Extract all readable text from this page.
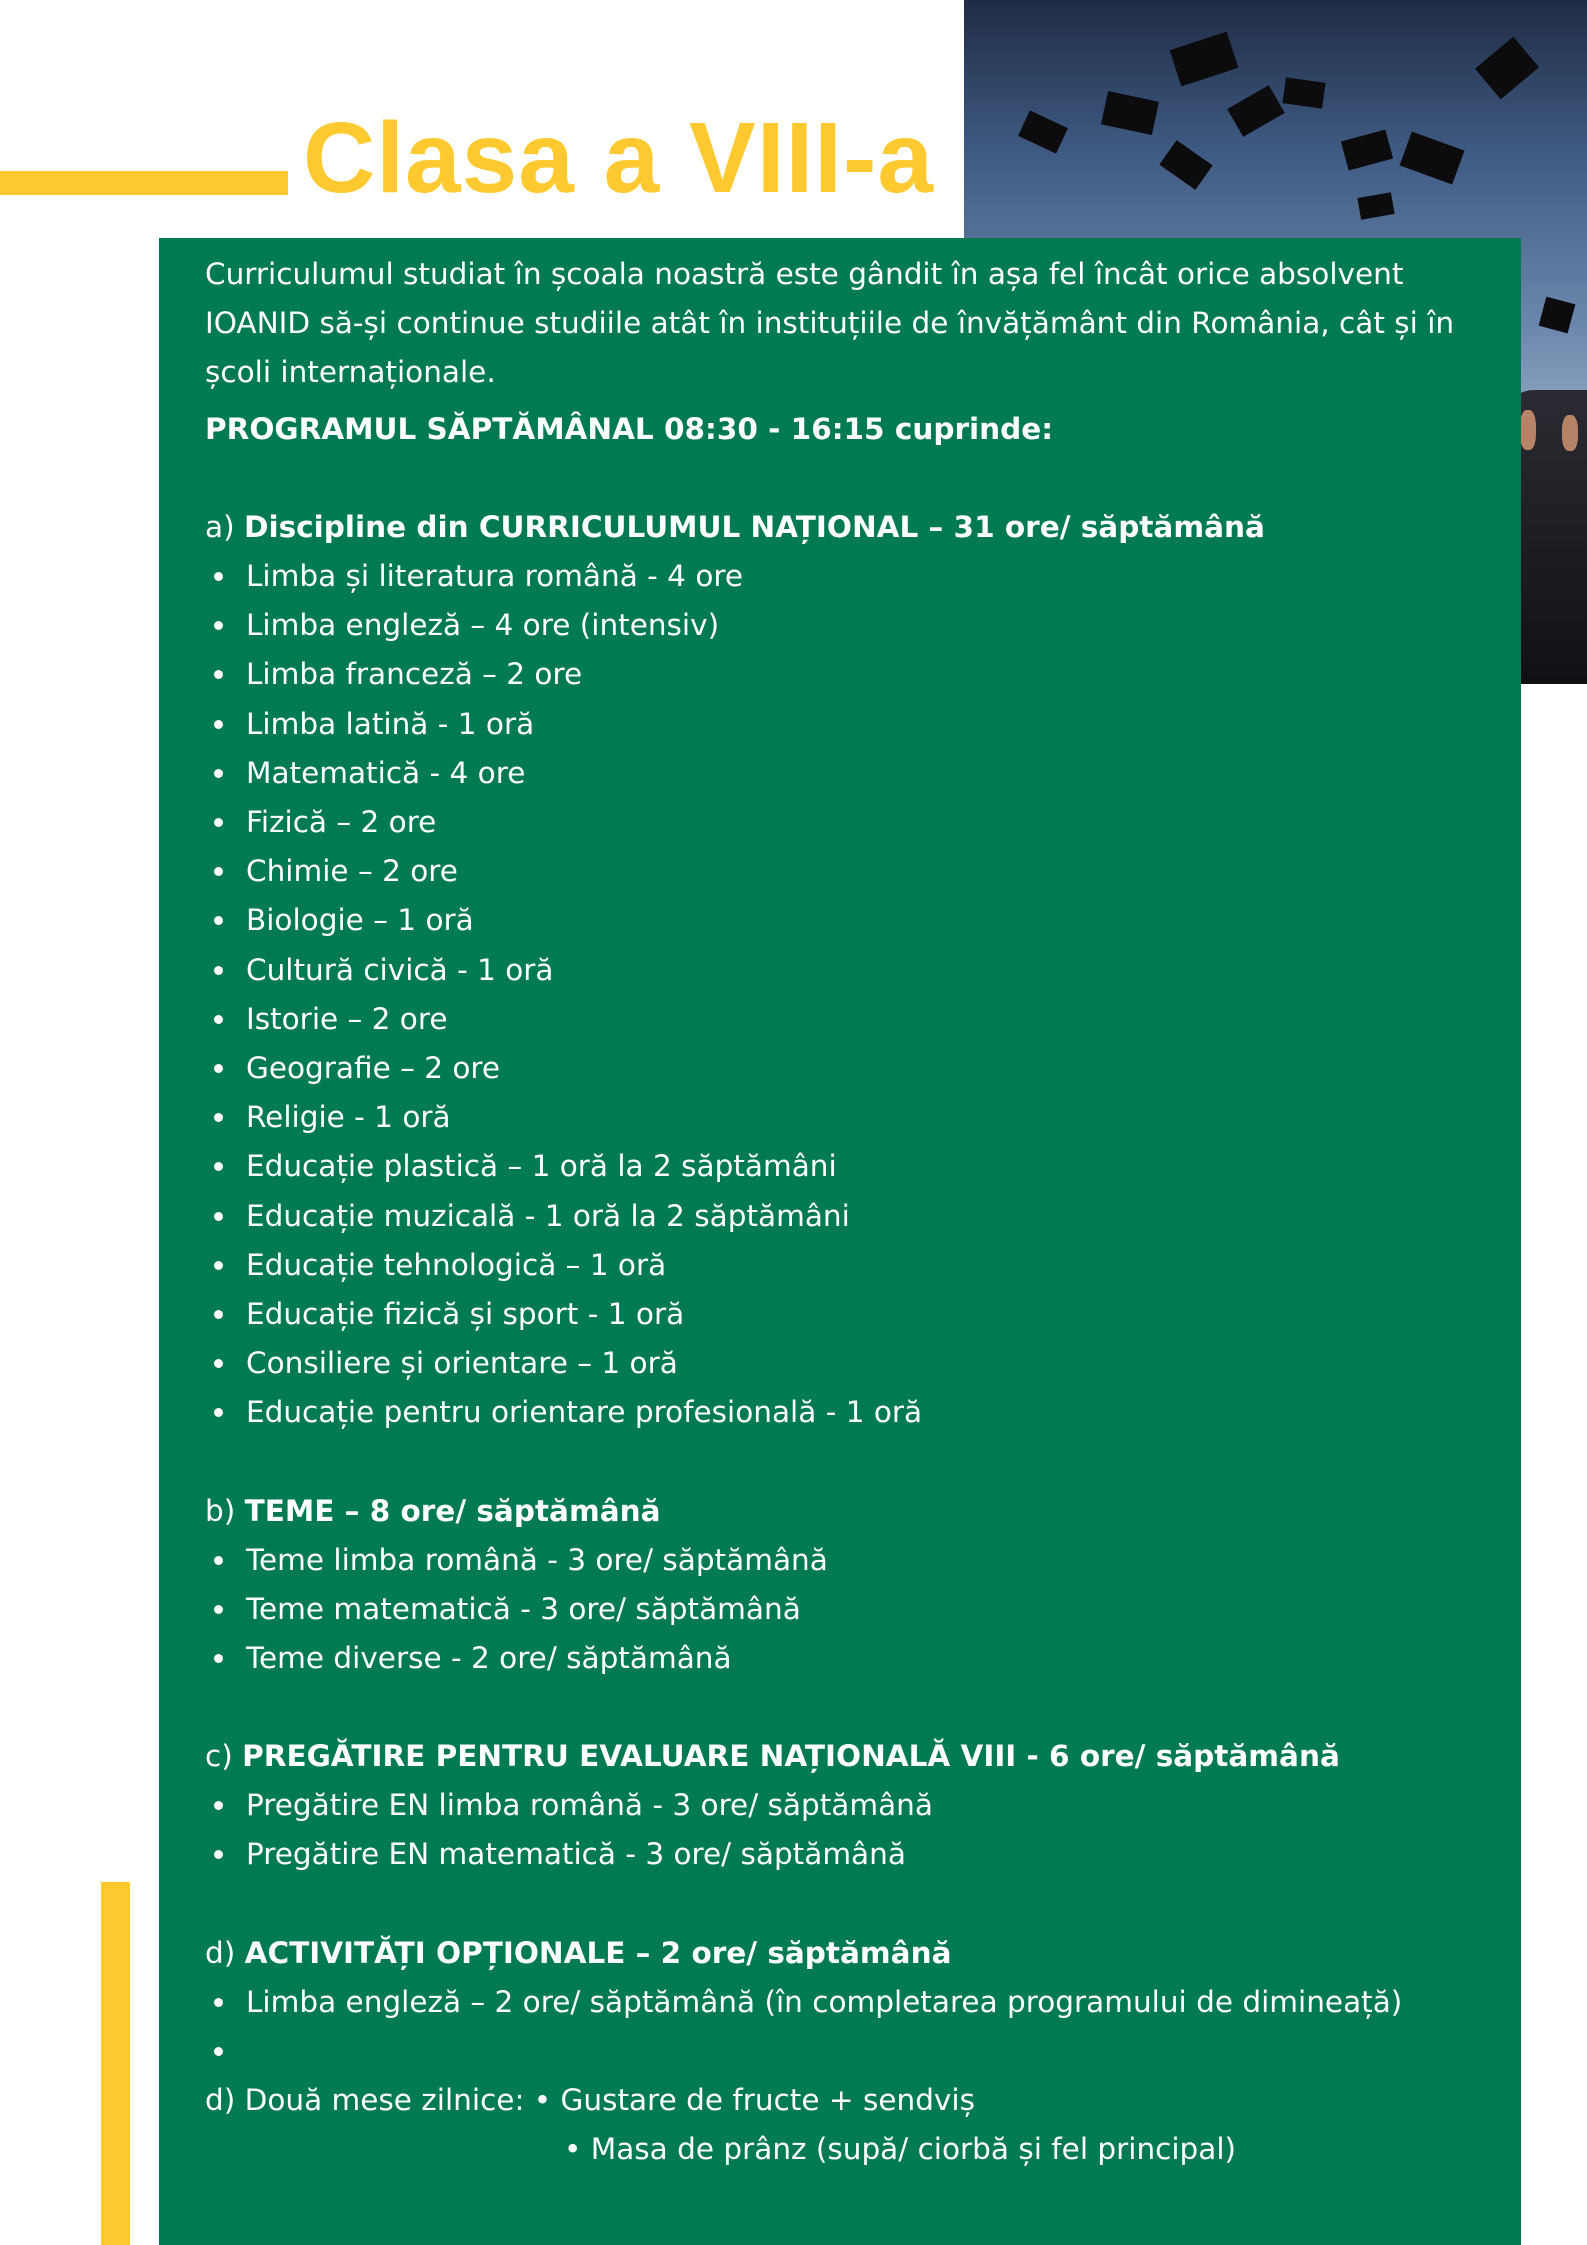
Clasa a VIII-a

Curriculumul studiat în școala noastră este gândit în așa fel încât orice absolvent IOANID să-și continue studiile atât în instituțiile de învățământ din România, cât și în școli internaționale.

PROGRAMUL SĂPTĂMÂNAL 08:30 - 16:15 cuprinde:

a) Discipline din CURRICULUMUL NAȚIONAL – 31 ore/ săptămână

Limba și literatura română - 4 ore
Limba engleză – 4 ore (intensiv)
Limba franceză – 2 ore
Limba latină - 1 oră
Matematică - 4 ore
Fizică – 2 ore
Chimie – 2 ore
Biologie – 1 oră
Cultură civică - 1 oră
Istorie – 2 ore
Geografie – 2 ore
Religie - 1 oră
Educație plastică – 1 oră la 2 săptămâni
Educație muzicală - 1 oră la 2 săptămâni
Educație tehnologică – 1 oră
Educație fizică și sport - 1 oră
Consiliere și orientare – 1 oră
Educație pentru orientare profesională - 1 oră

b) TEME – 8 ore/ săptămână

Teme limba română - 3 ore/ săptămână
Teme matematică - 3 ore/ săptămână
Teme diverse - 2 ore/ săptămână

c) PREGĂTIRE PENTRU EVALUARE NAȚIONALĂ VIII - 6 ore/ săptămână

Pregătire EN limba română - 3 ore/ săptămână
Pregătire EN matematică - 3 ore/ săptămână

d) ACTIVITĂȚI OPȚIONALE – 2 ore/ săptămână

Limba engleză – 2 ore/ săptămână (în completarea programului de dimineață)
d) Două mese zilnice: • Gustare de fructe + sendviș
• Masa de prânz (supă/ ciorbă și fel principal)
